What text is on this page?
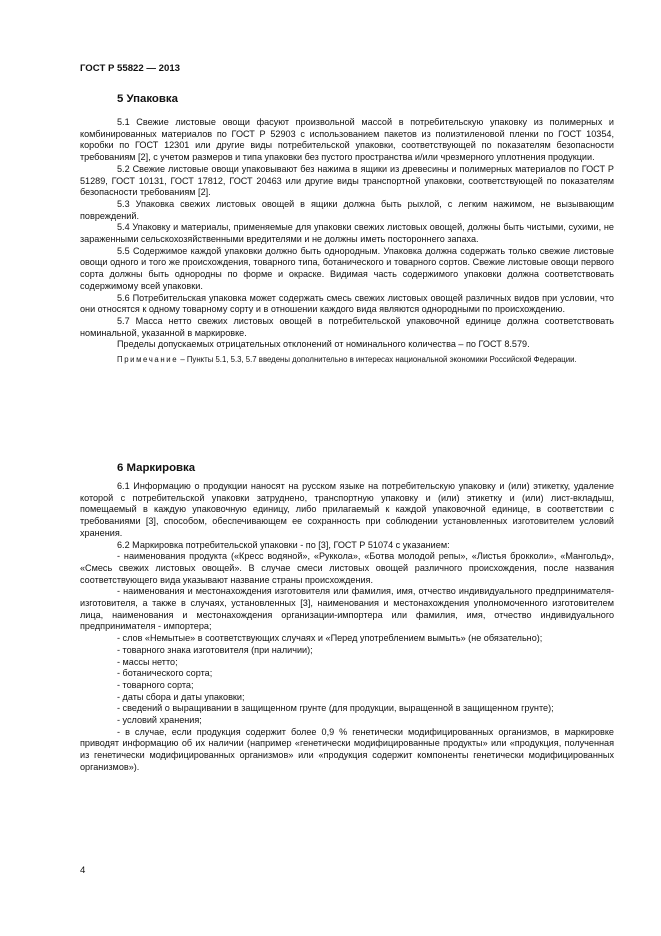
ГОСТ Р 55822 — 2013
5 Упаковка

5.1 Свежие листовые овощи фасуют произвольной массой в потребительскую упаковку из полимерных и комбинированных материалов по ГОСТ Р 52903 с использованием пакетов из полиэтиленовой пленки по ГОСТ 10354, коробки по ГОСТ 12301 или другие виды потребительской упаковки, соответствующей по показателям безопасности требованиям [2], с учетом размеров и типа упаковки без пустого пространства и/или чрезмерного уплотнения продукции.

5.2 Свежие листовые овощи упаковывают без нажима в ящики из древесины и полимерных материалов по ГОСТ Р 51289, ГОСТ 10131, ГОСТ 17812, ГОСТ 20463 или другие виды транспортной упаковки, соответствующей по показателям безопасности требованиям [2].

5.3 Упаковка свежих листовых овощей в ящики должна быть рыхлой, с легким нажимом, не вызывающим повреждений.

5.4 Упаковку и материалы, применяемые для упаковки свежих листовых овощей, должны быть чистыми, сухими, не зараженными сельскохозяйственными вредителями и не должны иметь постороннего запаха.

5.5 Содержимое каждой упаковки должно быть однородным. Упаковка должна содержать только свежие листовые овощи одного и того же происхождения, товарного типа, ботанического и товарного сортов. Свежие листовые овощи первого сорта должны быть однородны по форме и окраске. Видимая часть содержимого упаковки должна соответствовать содержимому всей упаковки.

5.6 Потребительская упаковка может содержать смесь свежих листовых овощей различных видов при условии, что они относятся к одному товарному сорту и в отношении каждого вида являются однородными по происхождению.

5.7 Масса нетто свежих листовых овощей в потребительской упаковочной единице должна соответствовать номинальной, указанной в маркировке.

Пределы допускаемых отрицательных отклонений от номинального количества – по ГОСТ 8.579.

Примечание – Пункты 5.1, 5.3, 5.7 введены дополнительно в интересах национальной экономики Российской Федерации.

6 Маркировка

6.1 Информацию о продукции наносят на русском языке на потребительскую упаковку и (или) этикетку, удаление которой с потребительской упаковки затруднено, транспортную упаковку и (или) этикетку и (или) лист-вкладыш, помещаемый в каждую упаковочную единицу, либо прилагаемый к каждой упаковочной единице, в соответствии с требованиями [3], способом, обеспечивающем ее сохранность при соблюдении установленных изготовителем условий хранения.

6.2 Маркировка потребительской упаковки - по [3], ГОСТ Р 51074 с указанием:

- наименования продукта («Кресс водяной», «Руккола», «Ботва молодой репы», «Листья брокколи», «Мангольд», «Смесь свежих листовых овощей». В случае смеси листовых овощей различного происхождения, после названия соответствующего вида указывают название страны происхождения.

- наименования и местонахождения изготовителя или фамилия, имя, отчество индивидуального предпринимателя-изготовителя, а также в случаях, установленных [3], наименования и местонахождения уполномоченного изготовителем лица, наименования и местонахождения организации-импортера или фамилия, имя, отчество индивидуального предпринимателя - импортера;

- слов «Немытые» в соответствующих случаях и «Перед употреблением вымыть» (не обязательно);

- товарного знака изготовителя (при наличии);

- массы нетто;

- ботанического сорта;

- товарного сорта;

- даты сбора и даты упаковки;

- сведений о выращивании в защищенном грунте (для продукции, выращенной в защищенном грунте);

- условий хранения;

- в случае, если продукция содержит более 0,9 % генетически модифицированных организмов, в маркировке приводят информацию об их наличии (например «генетически модифицированные продукты» или «продукция, полученная из генетически модифицированных организмов» или «продукция содержит компоненты генетически модифицированных организмов»).

4
